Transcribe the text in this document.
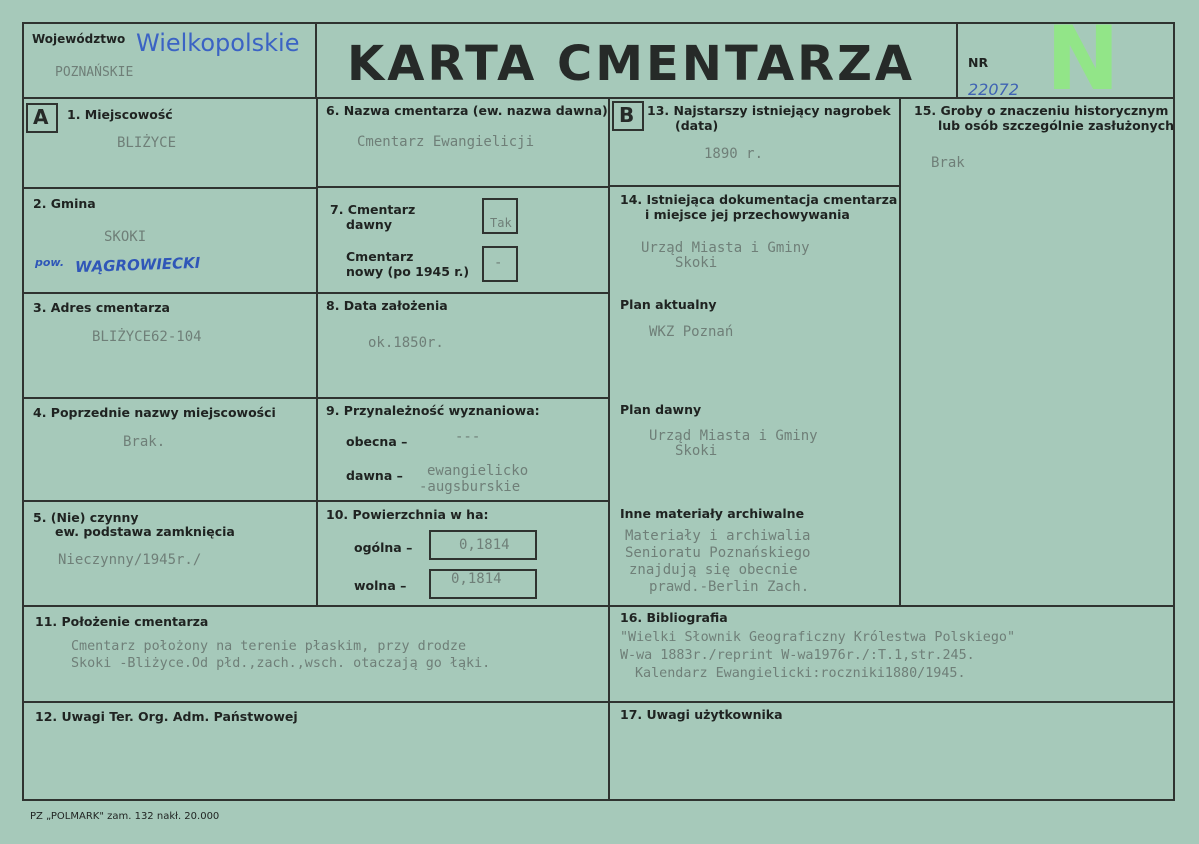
Województwo Wielkopolskie
POZNAŃSKIE	KARTA CMENTARZA	NR
22072 N
A	B
1. Miejscowość
BLIŻYCE
2. Gmina
SKOKI
pow. WĄGROWIECKI
3. Adres cmentarza
BLIŻYCE62-104
4. Poprzednie nazwy miejscowości
Brak.
5. (Nie) czynny
ew. podstawa zamknięcia
Nieczynny/1945r./
6. Nazwa cmentarza (ew. nazwa dawna)
Cmentarz Ewangielicji
7. Cmentarz
dawny	Tak
Cmentarz
nowy (po 1945 r.)
-
8. Data założenia
ok.1850r.
9. Przynależność wyznaniowa:
obecna –	---
dawna – ewangielicko
-augsburskie
10. Powierzchnia w ha:
ogólna –	0,1814
wolna –	0,1814
13. Najstarszy istniejący nagrobek
(data)
1890 r.
14. Istniejąca dokumentacja cmentarza
i miejsce jej przechowywania
Urząd Miasta i Gminy
Skoki
Plan aktualny
WKZ Poznań
Plan dawny
Urząd Miasta i Gminy
Skoki
Inne materiały archiwalne
Materiały i archiwalia
Senioratu Poznańskiego
znajdują się obecnie
prawd.-Berlin Zach.
15. Groby o znaczeniu historycznym
lub osób szczególnie zasłużonych
Brak
11. Położenie cmentarza
Cmentarz położony na terenie płaskim, przy drodze
Skoki -Bliżyce.Od płd.,zach.,wsch. otaczają go łąki.
16. Bibliografia
"Wielki Słownik Geograficzny Królestwa Polskiego"
W-wa 1883r./reprint W-wa1976r./:T.1,str.245.
Kalendarz Ewangielicki:roczniki1880/1945.
12. Uwagi Ter. Org. Adm. Państwowej	17. Uwagi użytkownika
PZ „POLMARK" zam. 132 nakł. 20.000
